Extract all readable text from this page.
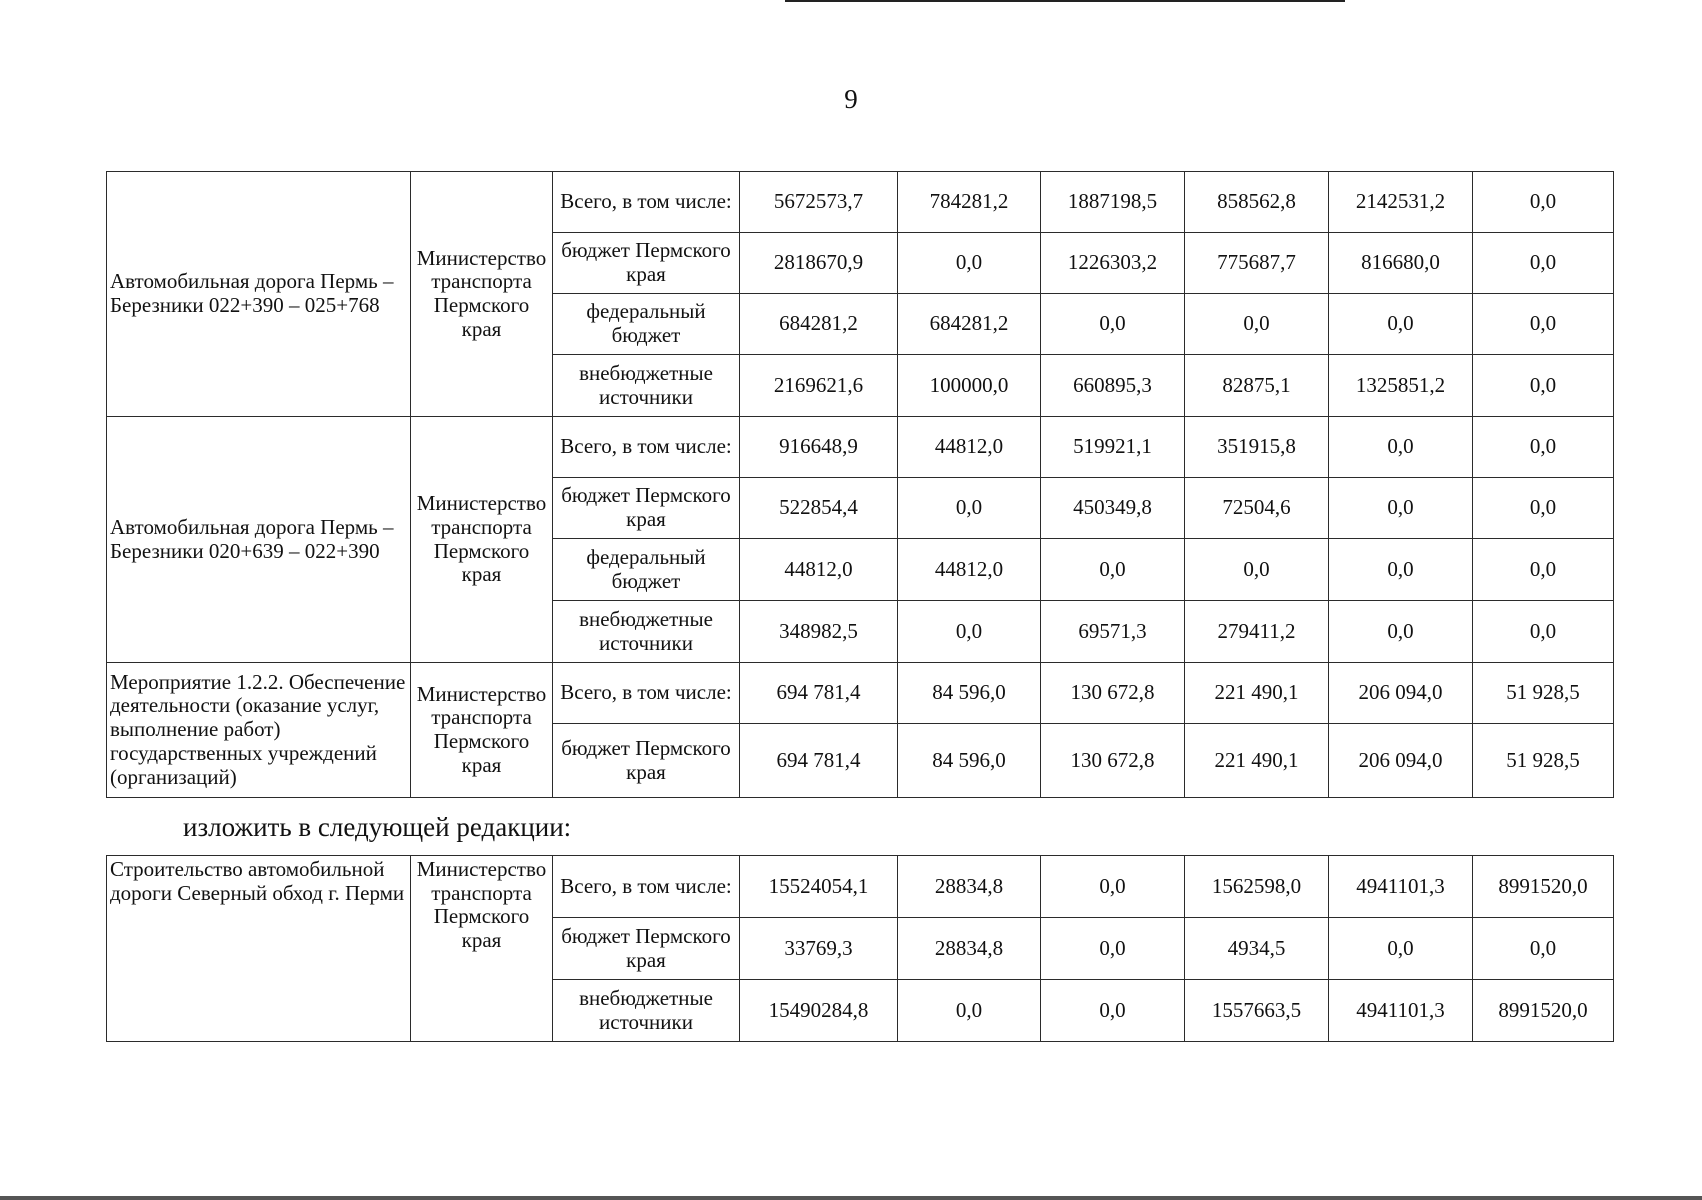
9
Автомобильная дорога Пермь – Березники 022+390 – 025+768	Министерство транспорта Пермского края	Всего, в том числе:	5672573,7	784281,2	1887198,5	858562,8	2142531,2	0,0
		бюджет Пермского края	2818670,9	0,0	1226303,2	775687,7	816680,0	0,0
		федеральный бюджет	684281,2	684281,2	0,0	0,0	0,0	0,0
		внебюджетные источники	2169621,6	100000,0	660895,3	82875,1	1325851,2	0,0
Автомобильная дорога Пермь – Березники 020+639 – 022+390	Министерство транспорта Пермского края	Всего, в том числе:	916648,9	44812,0	519921,1	351915,8	0,0	0,0
		бюджет Пермского края	522854,4	0,0	450349,8	72504,6	0,0	0,0
		федеральный бюджет	44812,0	44812,0	0,0	0,0	0,0	0,0
		внебюджетные источники	348982,5	0,0	69571,3	279411,2	0,0	0,0
Мероприятие 1.2.2. Обеспечение деятельности (оказание услуг, выполнение работ) государственных учреждений (организаций)	Министерство транспорта Пермского края	Всего, в том числе:	694 781,4	84 596,0	130 672,8	221 490,1	206 094,0	51 928,5
		бюджет Пермского края	694 781,4	84 596,0	130 672,8	221 490,1	206 094,0	51 928,5
изложить в следующей редакции:
Строительство автомобильной дороги Северный обход г. Перми	Министерство транспорта Пермского края	Всего, в том числе:	15524054,1	28834,8	0,0	1562598,0	4941101,3	8991520,0
		бюджет Пермского края	33769,3	28834,8	0,0	4934,5	0,0	0,0
		внебюджетные источники	15490284,8	0,0	0,0	1557663,5	4941101,3	8991520,0
